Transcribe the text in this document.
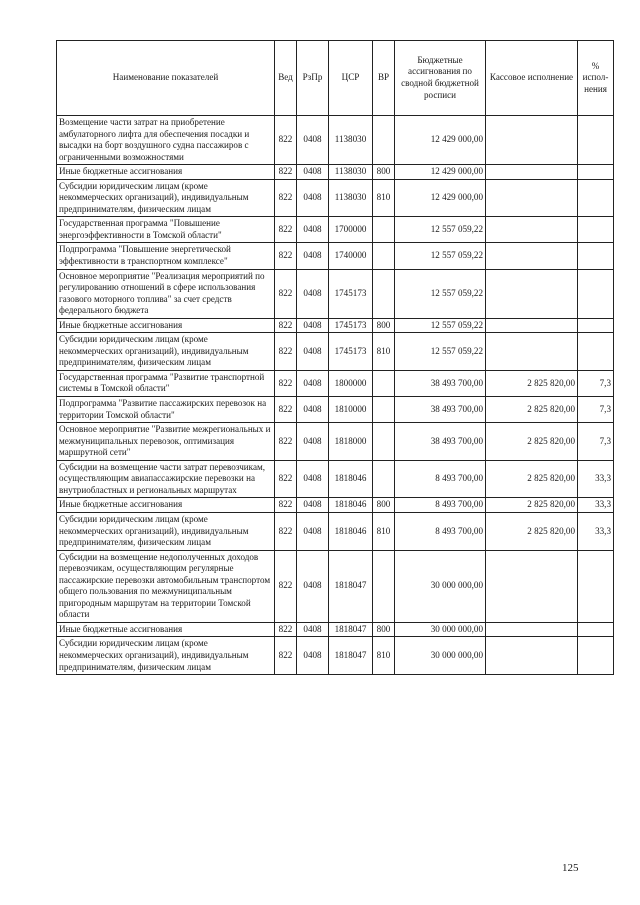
Наименование показателей	Вед	РзПр	ЦСР	ВР	Бюджетные ассигнования по сводной бюджетной росписи	Кассовое исполнение	% испол-нения
Возмещение части затрат на приобретение амбулаторного лифта для обеспечения посадки и высадки на борт воздушного судна пассажиров с ограниченными возможностями	822	0408	1138030		12 429 000,00		
Иные бюджетные ассигнования	822	0408	1138030	800	12 429 000,00		
Субсидии юридическим лицам (кроме некоммерческих организаций), индивидуальным предпринимателям, физическим лицам	822	0408	1138030	810	12 429 000,00		
Государственная программа "Повышение энергоэффективности в Томской области"	822	0408	1700000		12 557 059,22		
Подпрограмма "Повышение энергетической эффективности в транспортном комплексе"	822	0408	1740000		12 557 059,22		
Основное мероприятие "Реализация мероприятий по регулированию отношений в сфере использования газового моторного топлива" за счет средств федерального бюджета	822	0408	1745173		12 557 059,22		
Иные бюджетные ассигнования	822	0408	1745173	800	12 557 059,22		
Субсидии юридическим лицам (кроме некоммерческих организаций), индивидуальным предпринимателям, физическим лицам	822	0408	1745173	810	12 557 059,22		
Государственная программа "Развитие транспортной системы в Томской области"	822	0408	1800000		38 493 700,00	2 825 820,00	7,3
Подпрограмма "Развитие пассажирских перевозок на территории Томской области"	822	0408	1810000		38 493 700,00	2 825 820,00	7,3
Основное мероприятие "Развитие межрегиональных и межмуниципальных перевозок, оптимизация маршрутной сети"	822	0408	1818000		38 493 700,00	2 825 820,00	7,3
Субсидии на возмещение части затрат перевозчикам, осуществляющим авиапассажирские перевозки на внутриобластных и региональных маршрутах	822	0408	1818046		8 493 700,00	2 825 820,00	33,3
Иные бюджетные ассигнования	822	0408	1818046	800	8 493 700,00	2 825 820,00	33,3
Субсидии юридическим лицам (кроме некоммерческих организаций), индивидуальным предпринимателям, физическим лицам	822	0408	1818046	810	8 493 700,00	2 825 820,00	33,3
Субсидии на возмещение недополученных доходов перевозчикам, осуществляющим регулярные пассажирские перевозки автомобильным транспортом общего пользования по межмуниципальным пригородным маршрутам на территории Томской области	822	0408	1818047		30 000 000,00		
Иные бюджетные ассигнования	822	0408	1818047	800	30 000 000,00		
Субсидии юридическим лицам (кроме некоммерческих организаций), индивидуальным предпринимателям, физическим лицам	822	0408	1818047	810	30 000 000,00		
125
